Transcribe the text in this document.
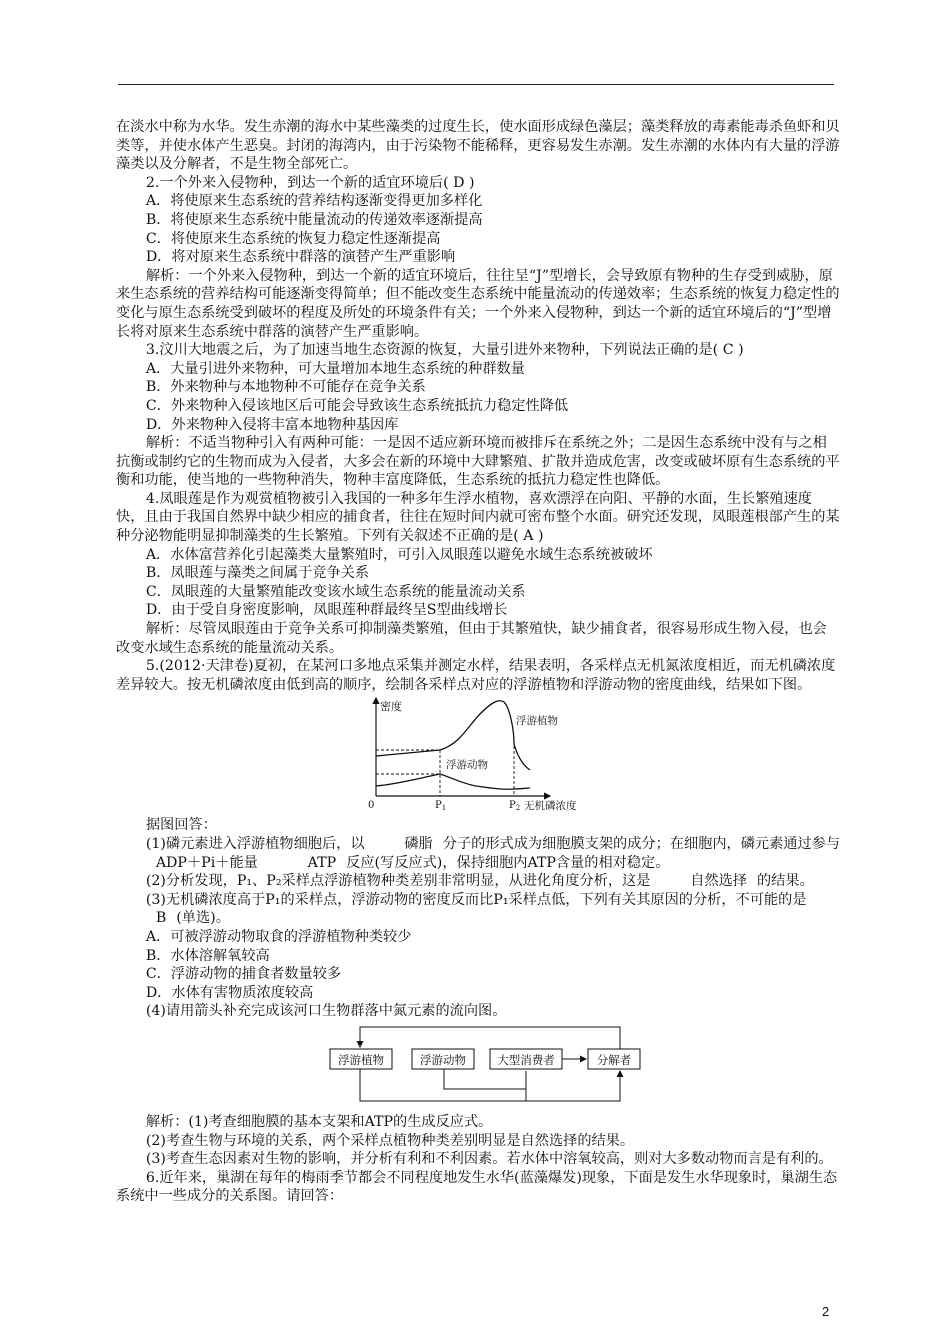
在淡水中称为水华。发生赤潮的海水中某些藻类的过度生长，使水面形成绿色藻层；藻类释放的毒素能毒杀鱼虾和贝类等，并使水体产生恶臭。封闭的海湾内，由于污染物不能稀释，更容易发生赤潮。发生赤潮的水体内有大量的浮游藻类以及分解者，不是生物全部死亡。

2.一个外来入侵物种，到达一个新的适宜环境后( D )

A．将使原来生态系统的营养结构逐渐变得更加多样化

B．将使原来生态系统中能量流动的传递效率逐渐提高

C．将使原来生态系统的恢复力稳定性逐渐提高

D．将对原来生态系统中群落的演替产生严重影响

解析：一个外来入侵物种，到达一个新的适宜环境后，往往呈“J”型增长，会导致原有物种的生存受到威胁，原来生态系统的营养结构可能逐渐变得简单；但不能改变生态系统中能量流动的传递效率；生态系统的恢复力稳定性的变化与原生态系统受到破坏的程度及所处的环境条件有关；一个外来入侵物种，到达一个新的适宜环境后的“J”型增长将对原来生态系统中群落的演替产生严重影响。

3.汶川大地震之后，为了加速当地生态资源的恢复，大量引进外来物种，下列说法正确的是( C )

A．大量引进外来物种，可大量增加本地生态系统的种群数量

B．外来物种与本地物种不可能存在竞争关系

C．外来物种入侵该地区后可能会导致该生态系统抵抗力稳定性降低

D．外来物种入侵将丰富本地物种基因库

解析：不适当物种引入有两种可能：一是因不适应新环境而被排斥在系统之外；二是因生态系统中没有与之相抗衡或制约它的生物而成为入侵者，大多会在新的环境中大肆繁殖、扩散并造成危害，改变或破坏原有生态系统的平衡和功能，使当地的一些物种消失，物种丰富度降低，生态系统的抵抗力稳定性也降低。

4.凤眼莲是作为观赏植物被引入我国的一种多年生浮水植物，喜欢漂浮在向阳、平静的水面，生长繁殖速度快，且由于我国自然界中缺少相应的捕食者，往往在短时间内就可密布整个水面。研究还发现，凤眼莲根部产生的某种分泌物能明显抑制藻类的生长繁殖。下列有关叙述不正确的是( A )

A．水体富营养化引起藻类大量繁殖时，可引入凤眼莲以避免水域生态系统被破坏

B．凤眼莲与藻类之间属于竞争关系

C．凤眼莲的大量繁殖能改变该水域生态系统的能量流动关系

D．由于受自身密度影响，凤眼莲种群最终呈S型曲线增长

解析：尽管凤眼莲由于竞争关系可抑制藻类繁殖，但由于其繁殖快，缺少捕食者，很容易形成生物入侵，也会改变水域生态系统的能量流动关系。

5.(2012·天津卷)夏初，在某河口多地点采集并测定水样，结果表明，各采样点无机氮浓度相近，而无机磷浓度差异较大。按无机磷浓度由低到高的顺序，绘制各采样点对应的浮游植物和浮游动物的密度曲线，结果如下图。

密度
0	$P_1$	$P_2$ 无机磷浓度
浮游植物
浮游动物

据图回答：

(1)磷元素进入浮游植物细胞后，以	磷脂 分子的形式成为细胞膜支架的成分；在细胞内，磷元素通过参与ADP＋Pi＋能量	ATP 反应(写反应式)，保持细胞内ATP含量的相对稳定。

(2)分析发现，P₁、P₂采样点浮游植物种类差别非常明显，从进化角度分析，这是	自然选择 的结果。

(3)无机磷浓度高于P₁的采样点，浮游动物的密度反而比P₁采样点低，下列有关其原因的分析，不可能的是B (单选)。

A．可被浮游动物取食的浮游植物种类较少

B．水体溶解氧较高

C．浮游动物的捕食者数量较多

D．水体有害物质浓度较高

(4)请用箭头补充完成该河口生物群落中氮元素的流向图。

浮游植物	浮游动物	大型消费者	分解者

解析：(1)考查细胞膜的基本支架和ATP的生成反应式。

(2)考查生物与环境的关系，两个采样点植物种类差别明显是自然选择的结果。

(3)考查生态因素对生物的影响，并分析有利和不利因素。若水体中溶氧较高，则对大多数动物而言是有利的。

6.近年来，巢湖在每年的梅雨季节都会不同程度地发生水华(蓝藻爆发)现象，下面是发生水华现象时，巢湖生态系统中一些成分的关系图。请回答：

2
